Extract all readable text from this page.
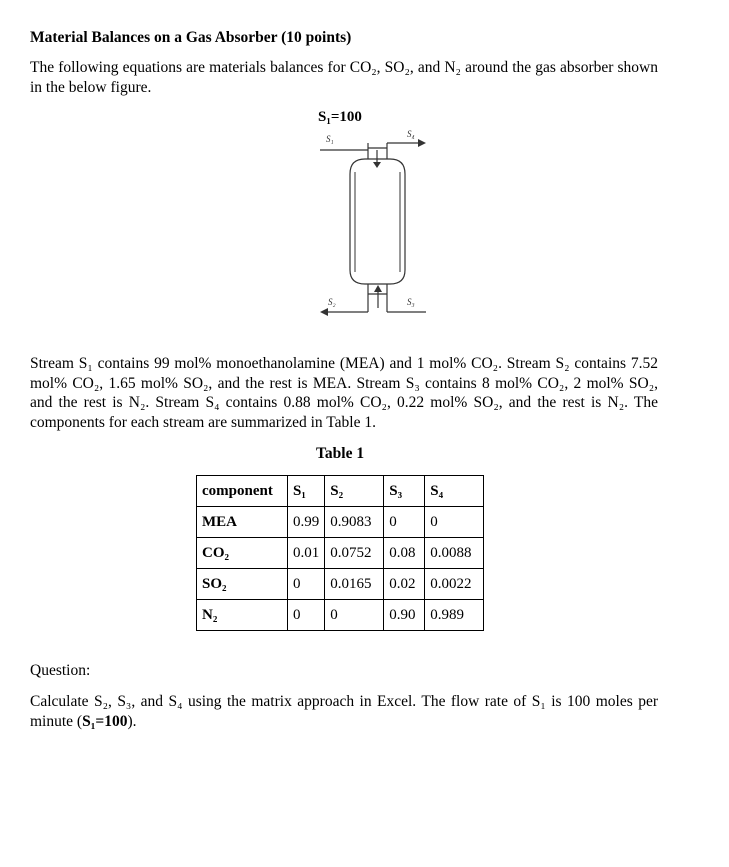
Material Balances on a Gas Absorber (10 points)

The following equations are materials balances for CO₂, SO₂, and N₂ around the gas absorber shown in the below figure.

S₁=100
S₁	S₄
S₂	S₃

Stream S₁ contains 99 mol% monoethanolamine (MEA) and 1 mol% CO₂. Stream S₂ contains 7.52 mol% CO₂, 1.65 mol% SO₂, and the rest is MEA. Stream S₃ contains 8 mol% CO₂, 2 mol% SO₂, and the rest is N₂. Stream S₄ contains 0.88 mol% CO₂, 0.22 mol% SO₂, and the rest is N₂. The components for each stream are summarized in Table 1.

Table 1
component	S₁	S₂	S₃	S₄
MEA	0.99	0.9083	0	0
CO₂	0.01	0.0752	0.08	0.0088
SO₂	0	0.0165	0.02	0.0022
N₂	0	0	0.90	0.989
Question:

Calculate S₂, S₃, and S₄ using the matrix approach in Excel. The flow rate of S₁ is 100 moles per minute (S₁=100).
